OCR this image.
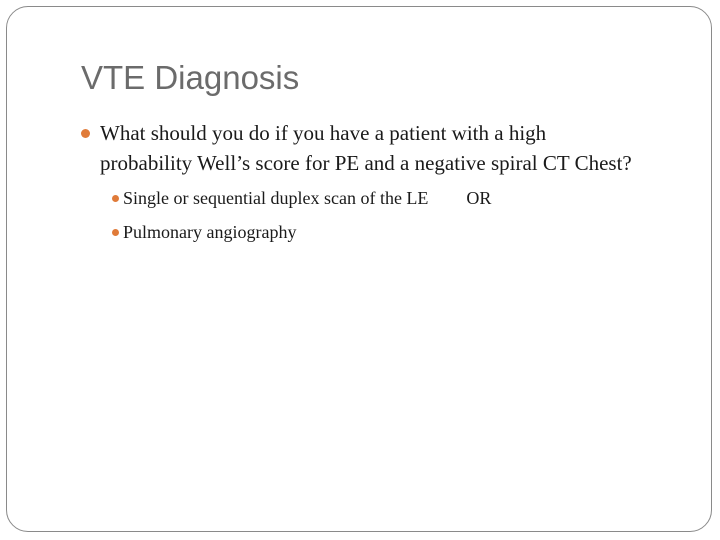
VTE Diagnosis
What should you do if you have a patient with a high probability Well’s score for PE and a negative spiral CT Chest?
Single or sequential duplex scan of the LE OR
Pulmonary angiography
